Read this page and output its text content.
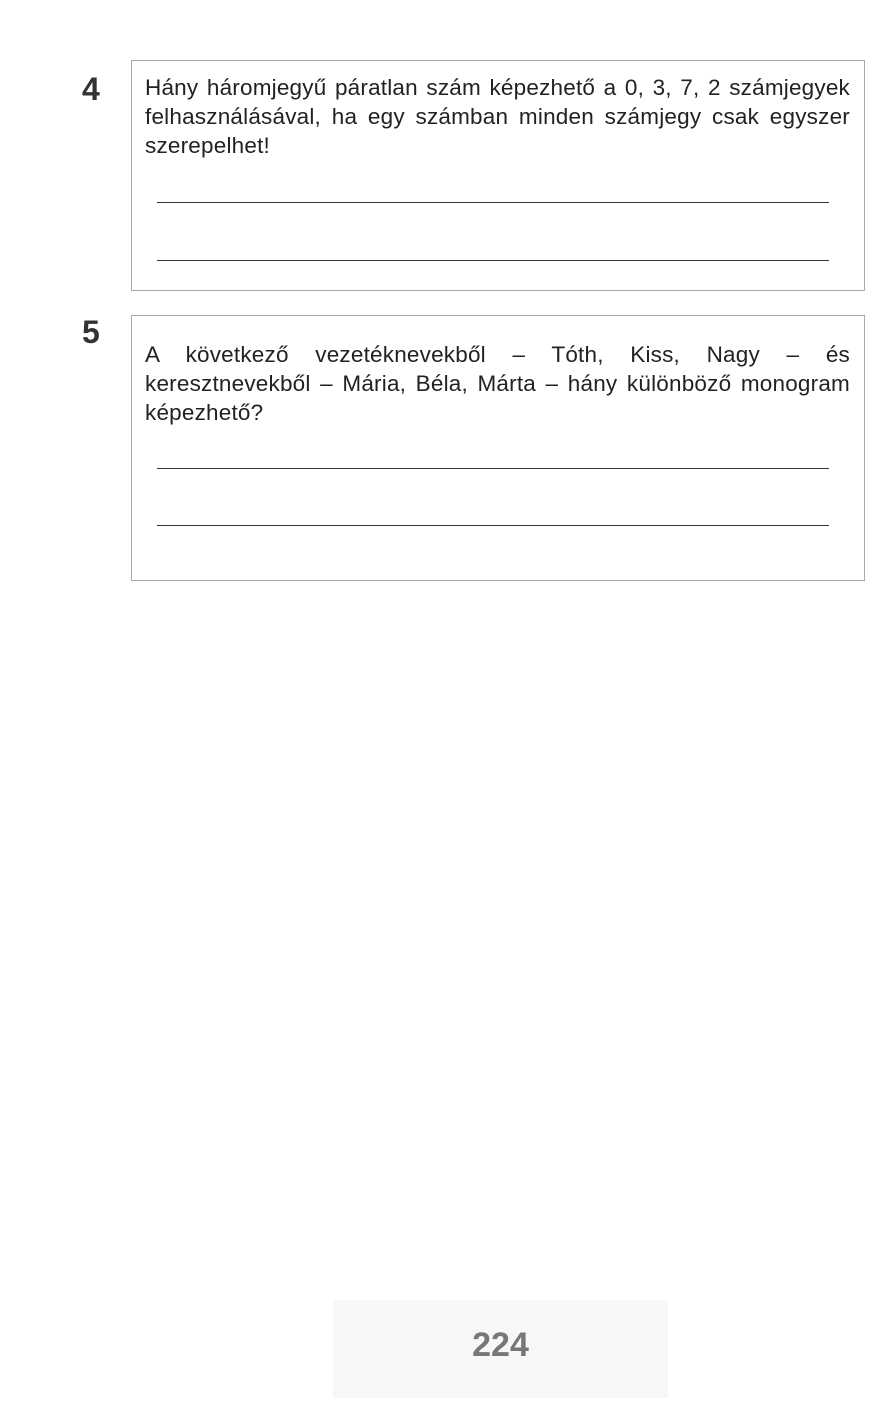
4 Hány háromjegyű páratlan szám képezhető a 0, 3, 7, 2 számjegyek felhasználásával, ha egy számban minden számjegy csak egyszer szerepelhet!

5

A következő vezetéknevekből – Tóth, Kiss, Nagy – és keresztnevekből – Mária, Béla, Márta – hány különböző monogram képezhető?

224
